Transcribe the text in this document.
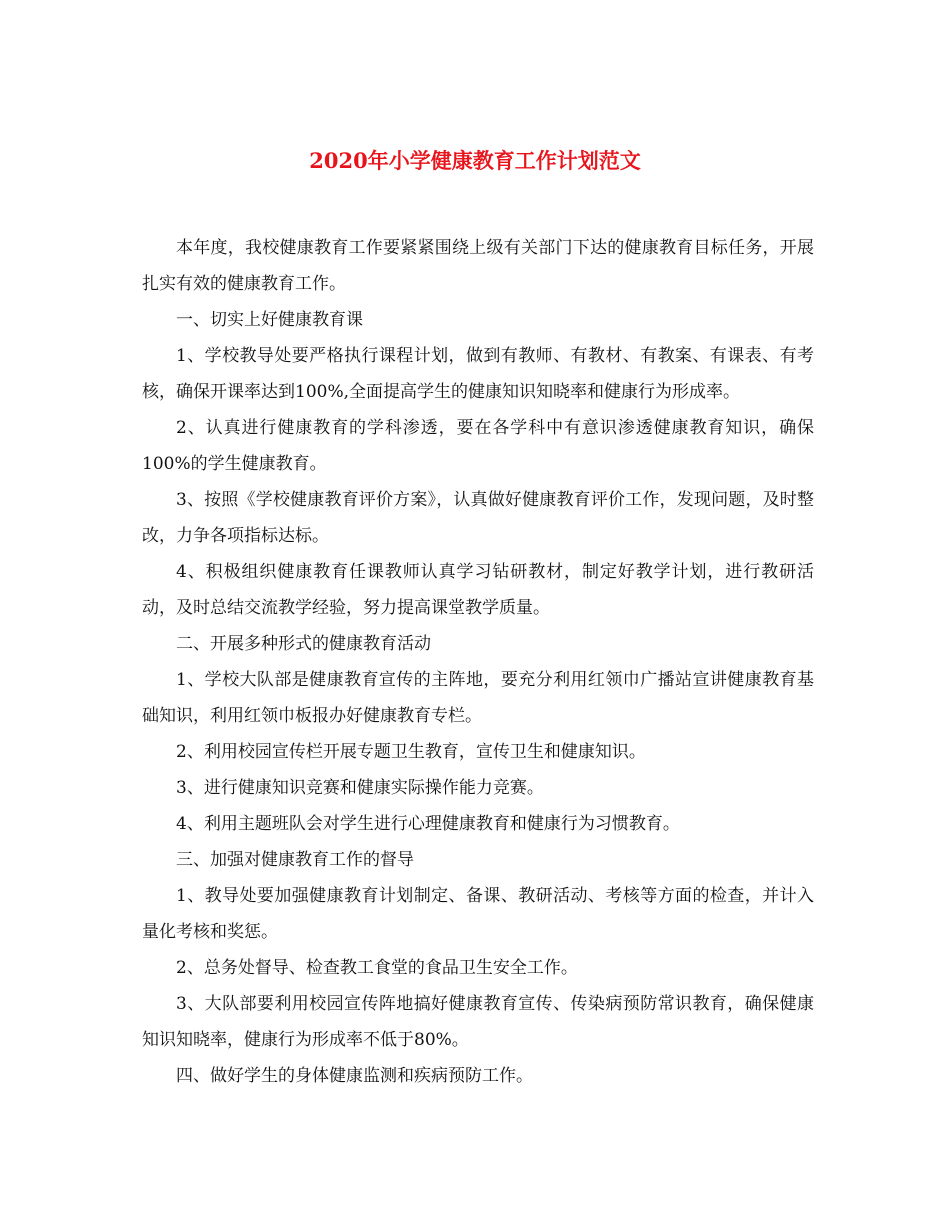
2020年小学健康教育工作计划范文

本年度，我校健康教育工作要紧紧围绕上级有关部门下达的健康教育目标任务，开展扎实有效的健康教育工作。

一、切实上好健康教育课

1、学校教导处要严格执行课程计划，做到有教师、有教材、有教案、有课表、有考核，确保开课率达到100%,全面提高学生的健康知识知晓率和健康行为形成率。

2、认真进行健康教育的学科渗透，要在各学科中有意识渗透健康教育知识，确保100%的学生健康教育。

3、按照《学校健康教育评价方案》，认真做好健康教育评价工作，发现问题，及时整改，力争各项指标达标。

4、积极组织健康教育任课教师认真学习钻研教材，制定好教学计划，进行教研活动，及时总结交流教学经验，努力提高课堂教学质量。

二、开展多种形式的健康教育活动

1、学校大队部是健康教育宣传的主阵地，要充分利用红领巾广播站宣讲健康教育基础知识，利用红领巾板报办好健康教育专栏。

2、利用校园宣传栏开展专题卫生教育，宣传卫生和健康知识。

3、进行健康知识竞赛和健康实际操作能力竞赛。

4、利用主题班队会对学生进行心理健康教育和健康行为习惯教育。

三、加强对健康教育工作的督导

1、教导处要加强健康教育计划制定、备课、教研活动、考核等方面的检查，并计入量化考核和奖惩。

2、总务处督导、检查教工食堂的食品卫生安全工作。

3、大队部要利用校园宣传阵地搞好健康教育宣传、传染病预防常识教育，确保健康知识知晓率，健康行为形成率不低于80%。

四、做好学生的身体健康监测和疾病预防工作。
